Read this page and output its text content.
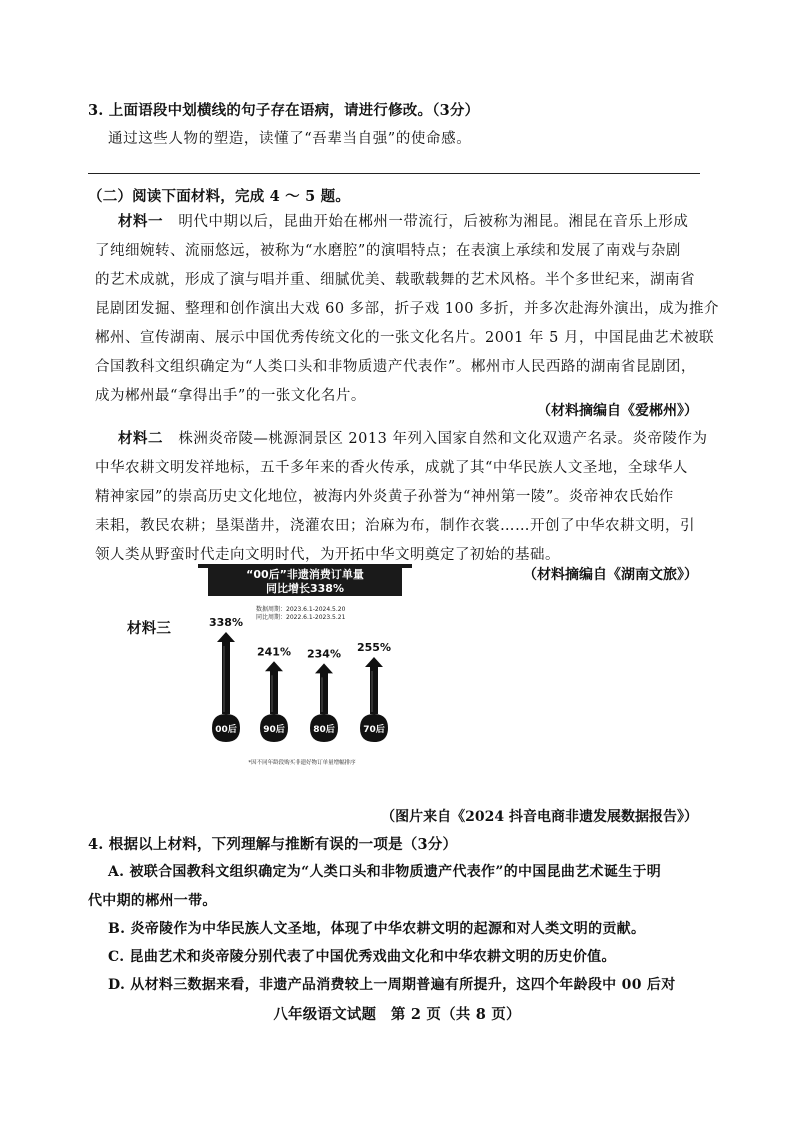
3. 上面语段中划横线的句子存在语病，请进行修改。（3分）
通过这些人物的塑造，读懂了“吾辈当自强”的使命感。
（二）阅读下面材料，完成 4 ～ 5 题。
材料一 明代中期以后，昆曲开始在郴州一带流行，后被称为湘昆。湘昆在音乐上形成
了纯细婉转、流丽悠远，被称为“水磨腔”的演唱特点；在表演上承续和发展了南戏与杂剧
的艺术成就，形成了演与唱并重、细腻优美、载歌载舞的艺术风格。半个多世纪来，湖南省
昆剧团发掘、整理和创作演出大戏 60 多部，折子戏 100 多折，并多次赴海外演出，成为推介
郴州、宣传湖南、展示中国优秀传统文化的一张文化名片。2001 年 5 月，中国昆曲艺术被联
合国教科文组织确定为“人类口头和非物质遗产代表作”。郴州市人民西路的湖南省昆剧团，
成为郴州最“拿得出手”的一张文化名片。
（材料摘编自《爱郴州》）
材料二 株洲炎帝陵—桃源洞景区 2013 年列入国家自然和文化双遗产名录。炎帝陵作为
中华农耕文明发祥地标，五千多年来的香火传承，成就了其“中华民族人文圣地，全球华人
精神家园”的崇高历史文化地位，被海内外炎黄子孙誉为“神州第一陵”。炎帝神农氏始作
耒耜，教民农耕；垦渠凿井，浇灌农田；治麻为布，制作衣裳……开创了中华农耕文明，引
领人类从野蛮时代走向文明时代，为开拓中华文明奠定了初始的基础。
（材料摘编自《湖南文旅》）
材料三
“00后”非遗消费订单量
同比增长338%
数据周期：2023.6.1-2024.5.20
同比周期：2022.6.1-2023.5.21
00后
338%
90后
241%
80后
234%
70后
255%
*因不同年龄段购买非遗好物订单量增幅排序
（图片来自《2024 抖音电商非遗发展数据报告》）
4. 根据以上材料，下列理解与推断有误的一项是（3分）
A. 被联合国教科文组织确定为“人类口头和非物质遗产代表作”的中国昆曲艺术诞生于明
代中期的郴州一带。
B. 炎帝陵作为中华民族人文圣地，体现了中华农耕文明的起源和对人类文明的贡献。
C. 昆曲艺术和炎帝陵分别代表了中国优秀戏曲文化和中华农耕文明的历史价值。
D. 从材料三数据来看，非遗产品消费较上一周期普遍有所提升，这四个年龄段中 00 后对
八年级语文试题　第 2 页（共 8 页）
